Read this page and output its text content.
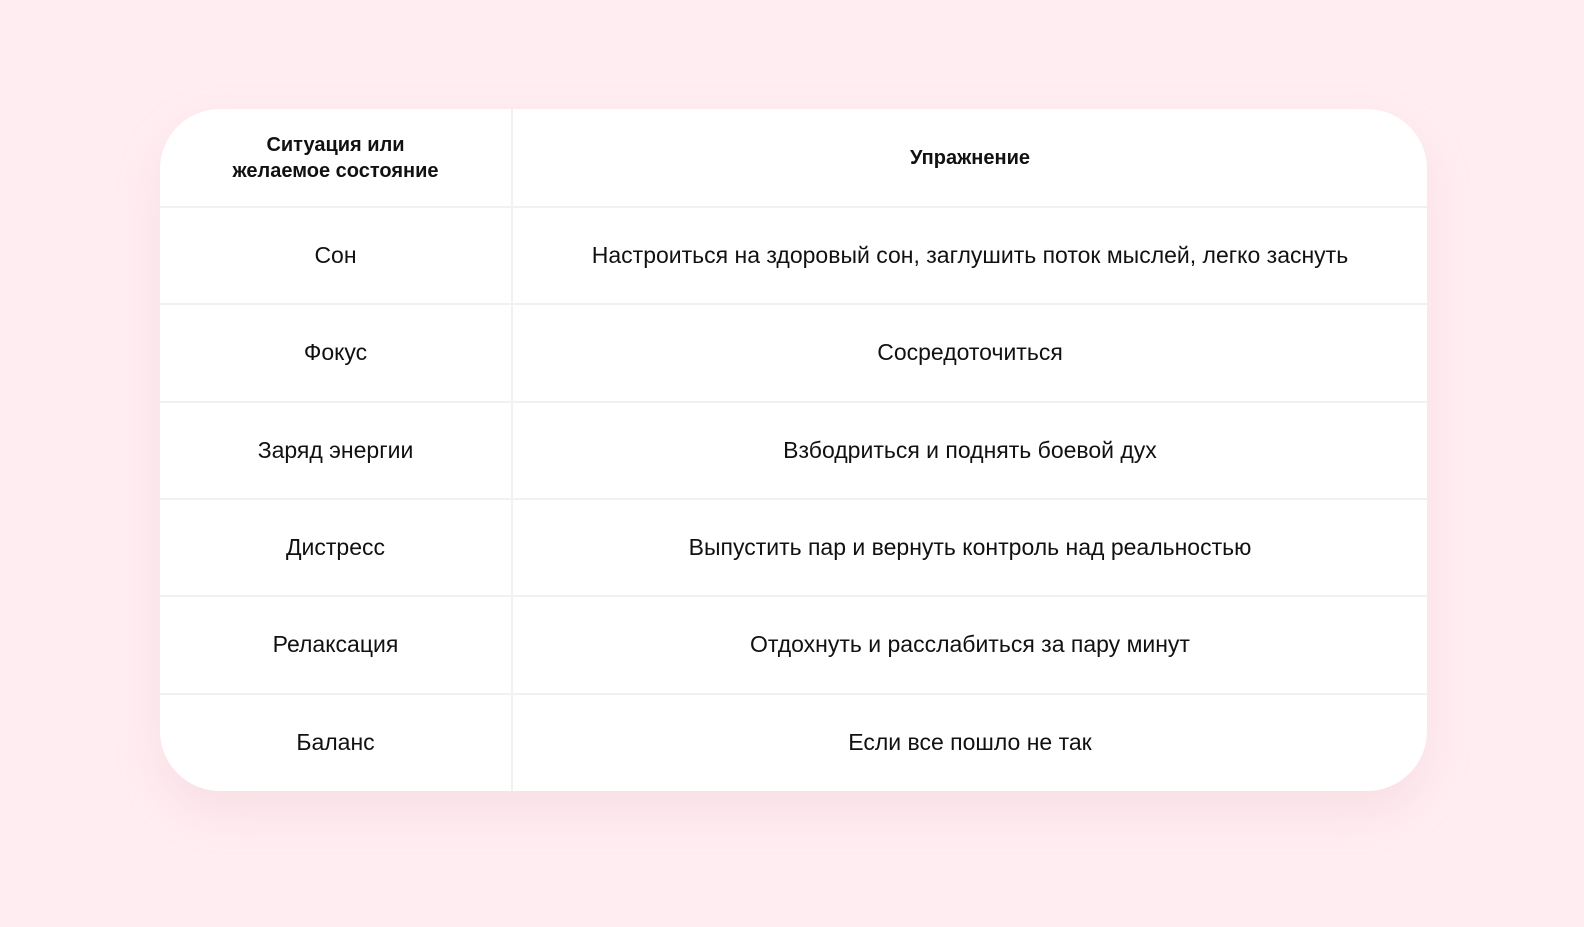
Ситуация или
желаемое состояние	Упражнение
Сон	Настроиться на здоровый сон, заглушить поток мыслей, легко заснуть
Фокус	Сосредоточиться
Заряд энергии	Взбодриться и поднять боевой дух
Дистресс	Выпустить пар и вернуть контроль над реальностью
Релаксация	Отдохнуть и расслабиться за пару минут
Баланс	Если все пошло не так
